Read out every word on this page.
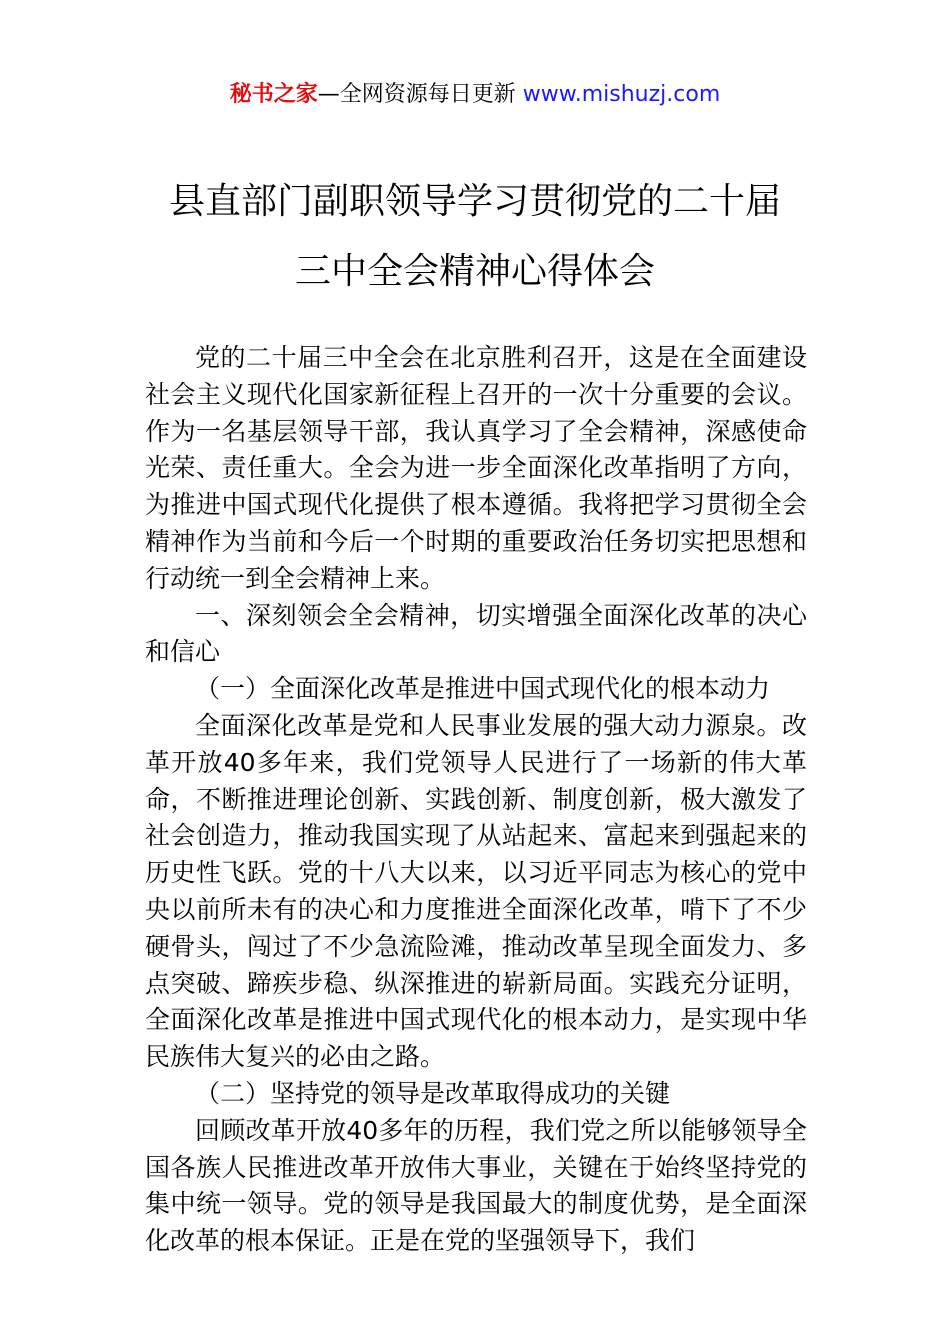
秘书之家—全网资源每日更新 www.mishuzj.com
县直部门副职领导学习贯彻党的二十届
三中全会精神心得体会

党的二十届三中全会在北京胜利召开，这是在全面建设社会主义现代化国家新征程上召开的一次十分重要的会议。作为一名基层领导干部，我认真学习了全会精神，深感使命光荣、责任重大。全会为进一步全面深化改革指明了方向，为推进中国式现代化提供了根本遵循。我将把学习贯彻全会精神作为当前和今后一个时期的重要政治任务切实把思想和行动统一到全会精神上来。

一、深刻领会全会精神，切实增强全面深化改革的决心和信心

（一）全面深化改革是推进中国式现代化的根本动力

全面深化改革是党和人民事业发展的强大动力源泉。改革开放40多年来，我们党领导人民进行了一场新的伟大革命，不断推进理论创新、实践创新、制度创新，极大激发了社会创造力，推动我国实现了从站起来、富起来到强起来的历史性飞跃。党的十八大以来，以习近平同志为核心的党中央以前所未有的决心和力度推进全面深化改革，啃下了不少硬骨头，闯过了不少急流险滩，推动改革呈现全面发力、多点突破、蹄疾步稳、纵深推进的崭新局面。实践充分证明，全面深化改革是推进中国式现代化的根本动力，是实现中华民族伟大复兴的必由之路。

（二）坚持党的领导是改革取得成功的关键

回顾改革开放40多年的历程，我们党之所以能够领导全国各族人民推进改革开放伟大事业，关键在于始终坚持党的集中统一领导。党的领导是我国最大的制度优势，是全面深化改革的根本保证。正是在党的坚强领导下，我们
